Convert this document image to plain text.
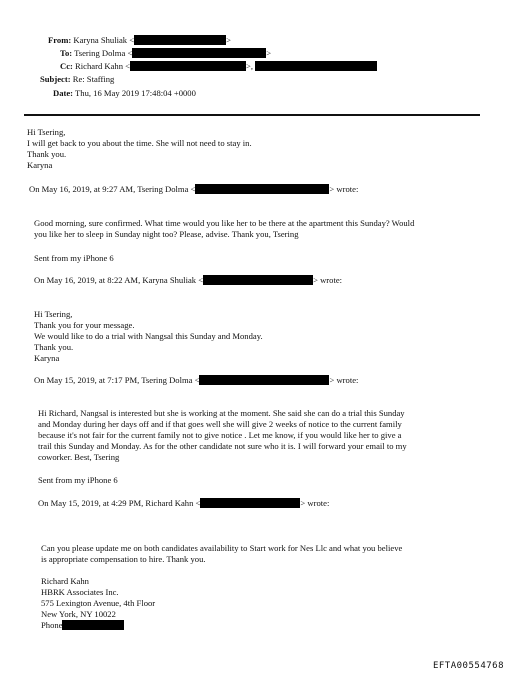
From: Karyna Shuliak <	>
To: Tsering Dolma <	>
Cc: Richard Kahn <	>,
Subject: Re: Staffing
Date: Thu, 16 May 2019 17:48:04 +0000
Hi Tsering,
I will get back to you about the time. She will not need to stay in.
Thank you.
Karyna
On May 16, 2019, at 9:27 AM, Tsering Dolma <	> wrote:
Good morning, sure confirmed. What time would you like her to be there at the apartment this Sunday? Would
you like her to sleep in Sunday night too? Please, advise. Thank you, Tsering
Sent from my iPhone 6
On May 16, 2019, at 8:22 AM, Karyna Shuliak <	> wrote:
Hi Tsering,
Thank you for your message.
We would like to do a trial with Nangsal this Sunday and Monday.
Thank you.
Karyna
On May 15, 2019, at 7:17 PM, Tsering Dolma <	> wrote:
Hi Richard, Nangsal is interested but she is working at the moment. She said she can do a trial this Sunday
and Monday during her days off and if that goes well she will give 2 weeks of notice to the current family
because it's not fair for the current family not to give notice . Let me know, if you would like her to give a
trail this Sunday and Monday. As for the other candidate not sure who it is. I will forward your email to my
coworker. Best, Tsering
Sent from my iPhone 6
On May 15, 2019, at 4:29 PM, Richard Kahn <	> wrote:
Can you please update me on both candidates availability to Start work for Nes Llc and what you believe
is appropriate compensation to hire. Thank you.
Richard Kahn
HBRK Associates Inc.
575 Lexington Avenue, 4th Floor
New York, NY 10022
Phone
EFTA00554768
